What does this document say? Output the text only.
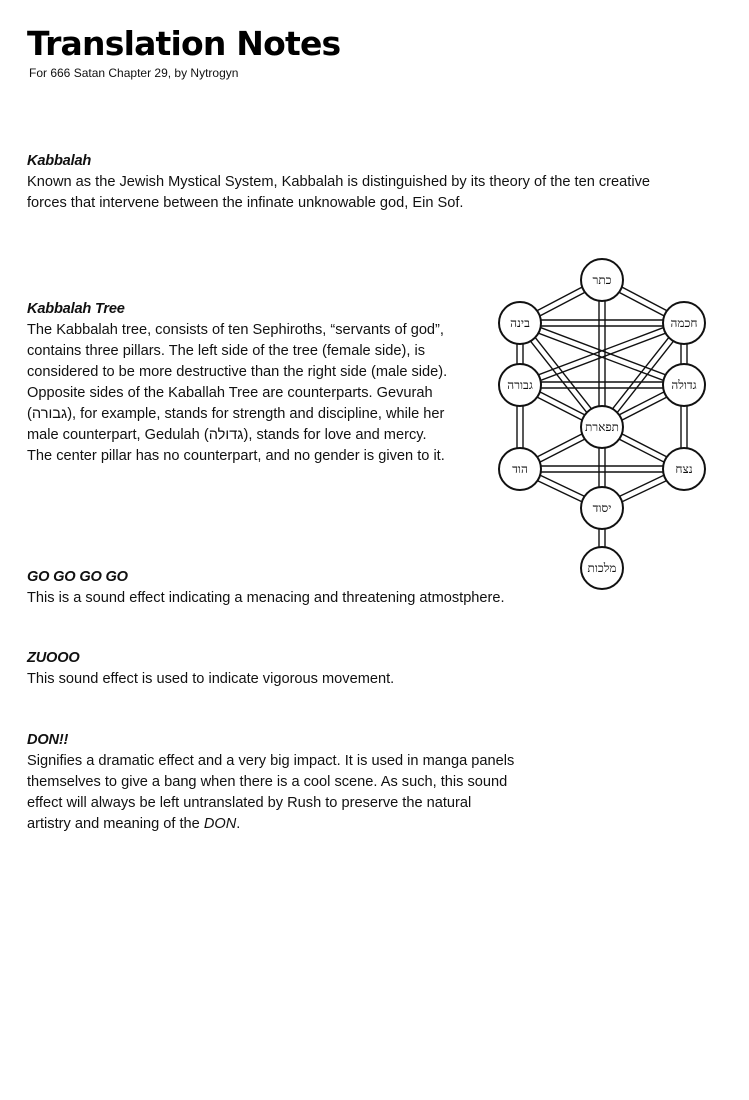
Translation Notes
For 666 Satan Chapter 29, by Nytrogyn
Kabbalah
Known as the Jewish Mystical System, Kabbalah is distinguished by its theory of the ten creative
forces that intervene between the infinate unknowable god, Ein Sof.
Kabbalah Tree
The Kabbalah tree, consists of ten Sephiroths, “servants of god”,
contains three pillars. The left side of the tree (female side), is
considered to be more destructive than the right side (male side).
Opposite sides of the Kaballah Tree are counterparts. Gevurah
(גבורה), for example, stands for strength and discipline, while her
male counterpart, Gedulah (גדולה), stands for love and mercy.
The center pillar has no counterpart, and no gender is given to it.
GO GO GO GO
This is a sound effect indicating a menacing and threatening atmostphere.
ZUOOO
This sound effect is used to indicate vigorous movement.
DON!!
Signifies a dramatic effect and a very big impact. It is used in manga panels
themselves to give a bang when there is a cool scene. As such, this sound
effect will always be left untranslated by Rush to preserve the natural
artistry and meaning of the DON.
כתר
בינה	חכמה
גבורה	גדולה
תפארת
הוד	נצח
יסוד
מלכות
